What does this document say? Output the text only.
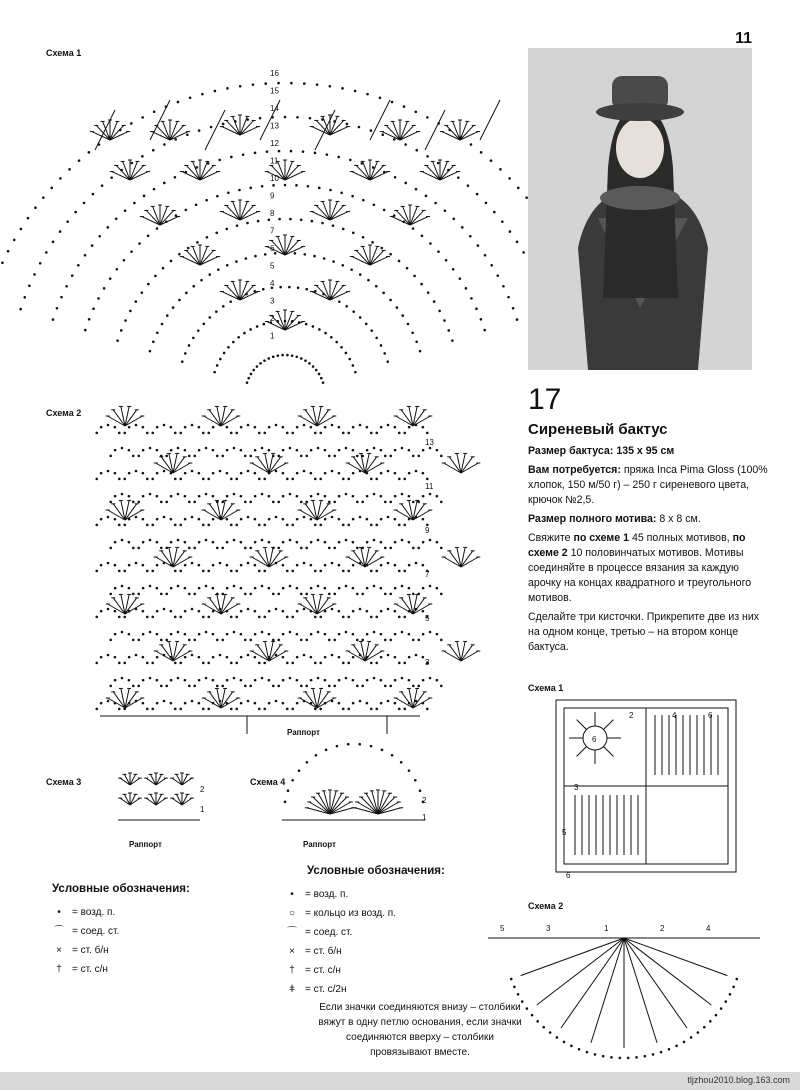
11
Схема 1
Схема 2
Схема 3	Схема 4
Схема 1
Схема 2
Раппорт
Раппорт	Раппорт
16
15
14
13
12
11
10
9
8
7
6
5
4
3
2
1
13
11
9
7
5
3
2
1
2
1
2	4	6
6
3
5
6
5	3	1	2	4
17
Сиреневый бактус

Размер бактуса: 135 х 95 см

Вам потребуется: пряжа Inca Pima Gloss (100% хлопок, 150 м/50 г) – 250 г сиреневого цвета, крючок №2,5.

Размер полного мотива: 8 х 8 см.

Свяжите по схеме 1 45 полных мотивов, по схеме 2 10 половинчатых мотивов. Мотивы соединяйте в процессе вязания за каждую арочку на концах квадратного и треугольного мотивов.

Сделайте три кисточки. Прикрепите две из них на одном конце, третью – на втором конце бактуса.

Условные обозначения:
•	= возд. п.
⌒ = соед. ст.
×	= ст. б/н
†	= ст. с/н
Условные обозначения:
•	= возд. п.
○ = кольцо из возд. п.
⌒ = соед. ст.
×	= ст. б/н
†	= ст. с/н
ǂ	= ст. с/2н
Если значки соединяются внизу – столбики вяжут в одну петлю основания, если значки соединяются вверху – столбики провязывают вместе.
tljzhou2010.blog.163.com
